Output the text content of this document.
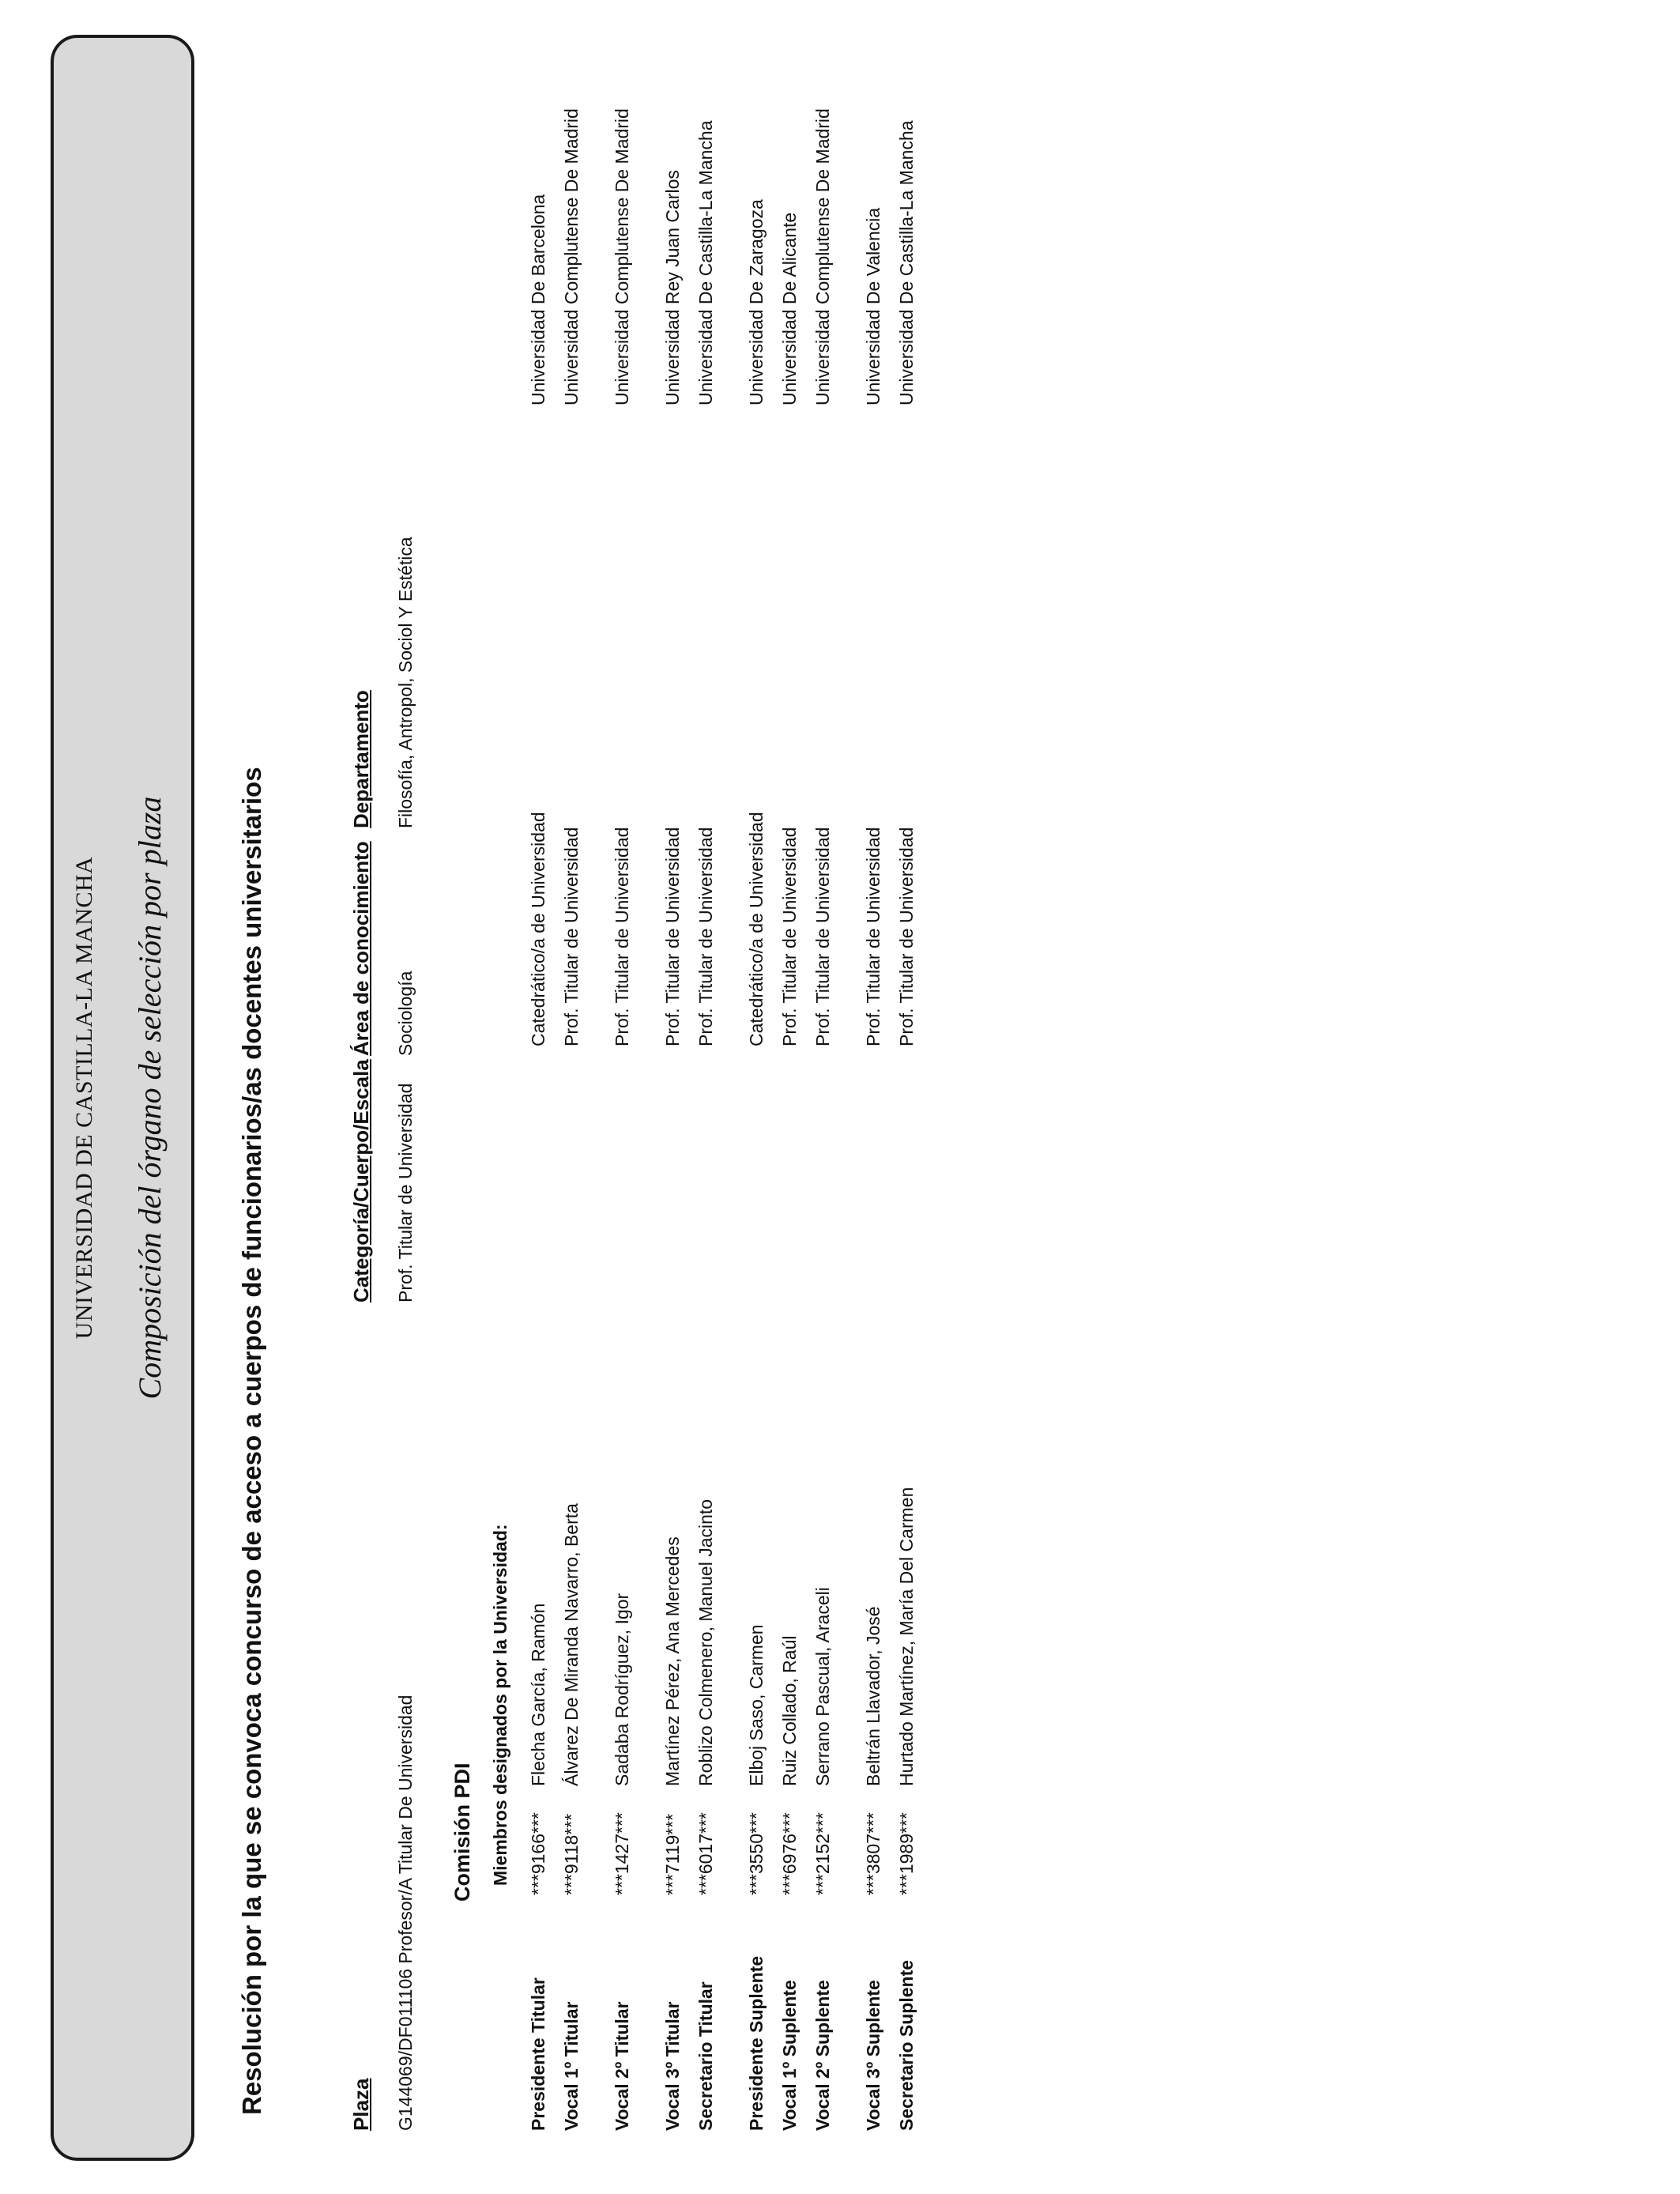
UNIVERSIDAD DE CASTILLA-LA MANCHA Composición del órgano de selección por plaza	Resolución por la que se convoca concurso de acceso a cuerpos de funcionarios/as docentes universitarios	Plaza
Categoría/Cuerpo/Escala
Área de conocimiento
Departamento
G144069/DF011106 Profesor/A Titular De Universidad
Prof. Titular de Universidad
Sociología
Filosofía, Antropol, Sociol Y Estética
Comisión PDI Miembros designados por la Universidad:
Presidente Titular
***9166***
Flecha García, Ramón
Catedrático/a de Universidad
Universidad De Barcelona
Vocal 1º Titular
***9118***
Álvarez De Miranda Navarro, Berta
Prof. Titular de Universidad
Universidad Complutense De Madrid
Vocal 2º Titular
***1427***
Sadaba Rodríguez, Igor
Prof. Titular de Universidad
Universidad Complutense De Madrid
Vocal 3º Titular
***7119***
Martínez Pérez, Ana Mercedes
Prof. Titular de Universidad
Universidad Rey Juan Carlos
Secretario Titular
***6017***
Roblizo Colmenero, Manuel Jacinto
Prof. Titular de Universidad
Universidad De Castilla-La Mancha
Presidente Suplente
***3550***
Elboj Saso, Carmen
Catedrático/a de Universidad
Universidad De Zaragoza
Vocal 1º Suplente
***6976***
Ruiz Collado, Raúl
Prof. Titular de Universidad
Universidad De Alicante
Vocal 2º Suplente
***2152***
Serrano Pascual, Araceli
Prof. Titular de Universidad
Universidad Complutense De Madrid
Vocal 3º Suplente
***3807***
Beltrán Llavador, José
Prof. Titular de Universidad
Universidad De Valencia
Secretario Suplente
***1989***
Hurtado Martínez, María Del Carmen
Prof. Titular de Universidad
Universidad De Castilla-La Mancha
